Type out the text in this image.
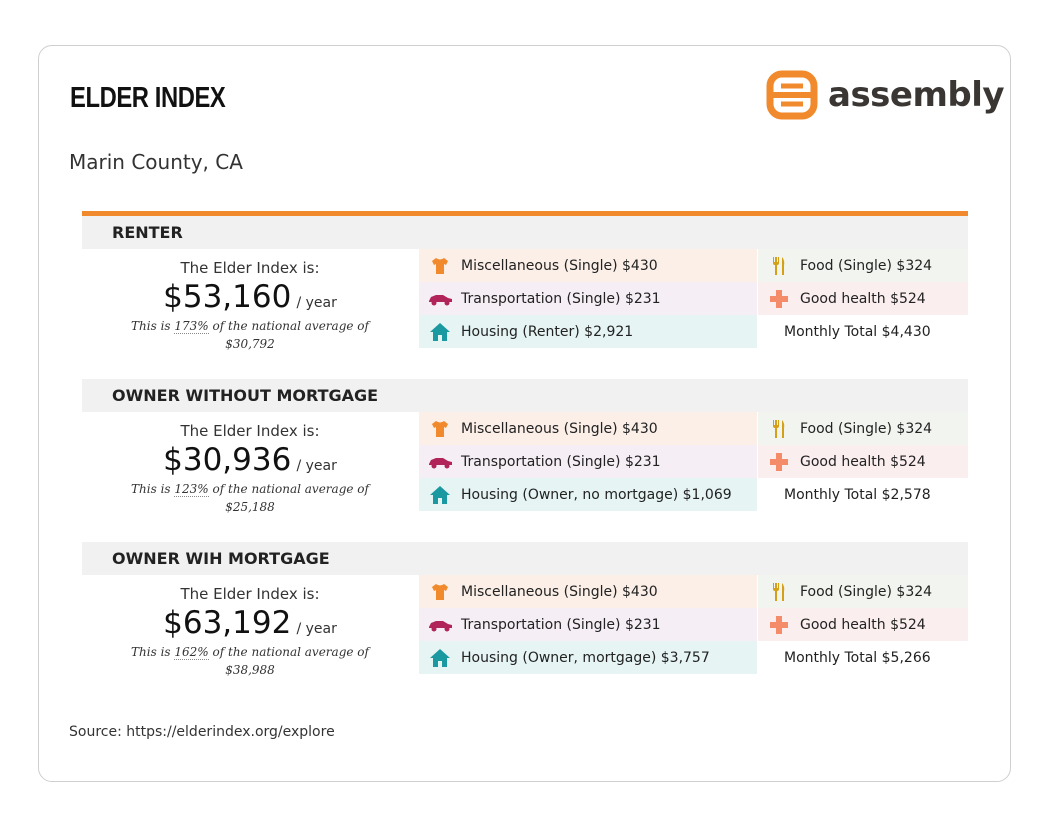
ELDER INDEX
Marin County, CA
assembly
RENTER
The Elder Index is:
$53,160 / year
This is 173% of the national average of $30,792
Miscellaneous (Single) $430
Transportation (Single) $231
Housing (Renter) $2,921
Food (Single) $324
Good health $524
Monthly Total $4,430
OWNER WITHOUT MORTGAGE
The Elder Index is:
$30,936 / year
This is 123% of the national average of $25,188
Miscellaneous (Single) $430
Transportation (Single) $231
Housing (Owner, no mortgage) $1,069
Food (Single) $324
Good health $524
Monthly Total $2,578
OWNER WIH MORTGAGE
The Elder Index is:
$63,192 / year
This is 162% of the national average of $38,988
Miscellaneous (Single) $430
Transportation (Single) $231
Housing (Owner, mortgage) $3,757
Food (Single) $324
Good health $524
Monthly Total $5,266
Source: https://elderindex.org/explore
